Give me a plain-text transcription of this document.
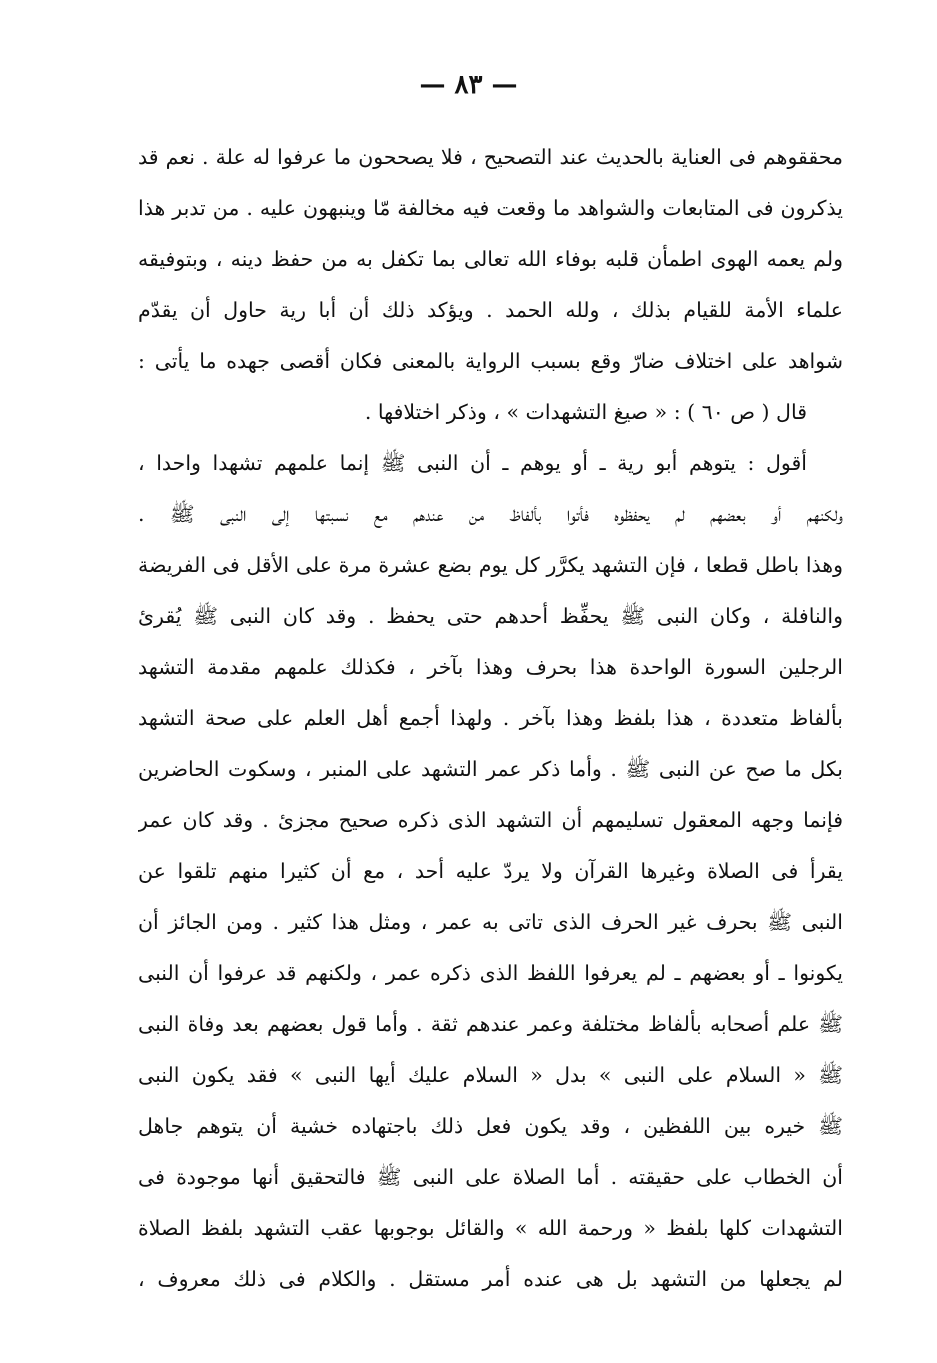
— ٨٣ —
محققوهم فى العناية بالحديث عند التصحيح ، فلا يصححون ما عرفوا له علة . نعم قد
يذكرون فى المتابعات والشواهد ما وقعت فيه مخالفة مّا وينبهون عليه . من تدبر هذا
ولم يعمه الهوى اطمأن قلبه بوفاء الله تعالى بما تكفل به من حفظ دينه ، وبتوفيقه
علماء الأمة للقيام بذلك ، ولله الحمد . ويؤكد ذلك أن أبا رية حاول أن يقدّم
شواهد على اختلاف ضارّ وقع بسبب الرواية بالمعنى فكان أقصى جهده ما يأتى :
قال ( ص ٦٠ ) : « صيغ التشهدات » ، وذكر اختلافها .
أقول : يتوهم أبو رية ـ أو يوهم ـ أن النبى ﷺ إنما علمهم تشهدا واحدا ،
ولكنهم أو بعضهم لم يحفظوه فأتوا بألفاظ من عندهم مع نسبتها إلى النبى ﷺ .
وهذا باطل قطعا ، فإن التشهد يكرَّر كل يوم بضع عشرة مرة على الأقل فى الفريضة
والنافلة ، وكان النبى ﷺ يحفِّظ أحدهم حتى يحفظ . وقد كان النبى ﷺ يُقرئ
الرجلين السورة الواحدة هذا بحرف وهذا بآخر ، فكذلك علمهم مقدمة التشهد
بألفاظ متعددة ، هذا بلفظ وهذا بآخر . ولهذا أجمع أهل العلم على صحة التشهد
بكل ما صح عن النبى ﷺ . وأما ذكر عمر التشهد على المنبر ، وسكوت الحاضرين
فإنما وجهه المعقول تسليمهم أن التشهد الذى ذكره صحيح مجزئ . وقد كان عمر
يقرأ فى الصلاة وغيرها القرآن ولا يردّ عليه أحد ، مع أن كثيرا منهم تلقوا عن
النبى ﷺ بحرف غير الحرف الذى تاتى به عمر ، ومثل هذا كثير . ومن الجائز أن
يكونوا ـ أو بعضهم ـ لم يعرفوا اللفظ الذى ذكره عمر ، ولكنهم قد عرفوا أن النبى
ﷺ علم أصحابه بألفاظ مختلفة وعمر عندهم ثقة . وأما قول بعضهم بعد وفاة النبى
ﷺ « السلام على النبى » بدل « السلام عليك أيها النبى » فقد يكون النبى
ﷺ خيره بين اللفظين ، وقد يكون فعل ذلك باجتهاده خشية أن يتوهم جاهل
أن الخطاب على حقيقته . أما الصلاة على النبى ﷺ فالتحقيق أنها موجودة فى
التشهدات كلها بلفظ « ورحمة الله » والقائل بوجوبها عقب التشهد بلفظ الصلاة
لم يجعلها من التشهد بل هى عنده أمر مستقل . والكلام فى ذلك معروف ،
